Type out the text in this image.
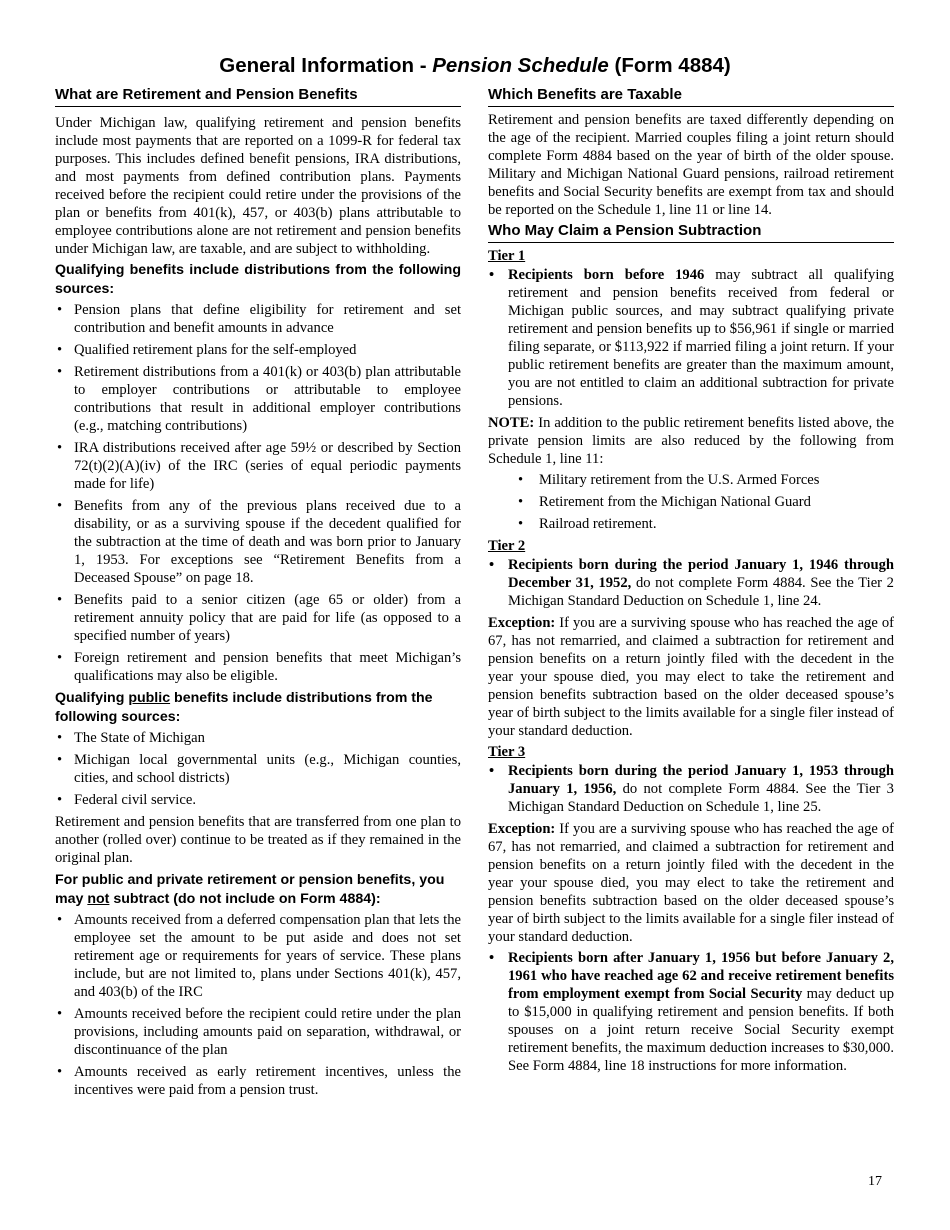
General Information - Pension Schedule (Form 4884)
What are Retirement and Pension Benefits

Under Michigan law, qualifying retirement and pension benefits include most payments that are reported on a 1099-R for federal tax purposes. This includes defined benefit pensions, IRA distributions, and most payments from defined contribution plans. Payments received before the recipient could retire under the provisions of the plan or benefits from 401(k), 457, or 403(b) plans attributable to employee contributions alone are not retirement and pension benefits under Michigan law, are taxable, and are subject to withholding.

Qualifying benefits include distributions from the following sources:
• Pension plans that define eligibility for retirement and set contribution and benefit amounts in advance
• Qualified retirement plans for the self-employed
• Retirement distributions from a 401(k) or 403(b) plan attributable to employer contributions or attributable to employee contributions that result in additional employer contributions (e.g., matching contributions)
• IRA distributions received after age 59½ or described by Section 72(t)(2)(A)(iv) of the IRC (series of equal periodic payments made for life)
• Benefits from any of the previous plans received due to a disability, or as a surviving spouse if the decedent qualified for the subtraction at the time of death and was born prior to January 1, 1953. For exceptions see “Retirement Benefits from a Deceased Spouse” on page 18.
• Benefits paid to a senior citizen (age 65 or older) from a retirement annuity policy that are paid for life (as opposed to a specified number of years)
• Foreign retirement and pension benefits that meet Michigan’s qualifications may also be eligible.
Qualifying public benefits include distributions from the following sources:
• The State of Michigan
• Michigan local governmental units (e.g., Michigan counties, cities, and school districts)
• Federal civil service.

Retirement and pension benefits that are transferred from one plan to another (rolled over) continue to be treated as if they remained in the original plan.

For public and private retirement or pension benefits, you may not subtract (do not include on Form 4884):
• Amounts received from a deferred compensation plan that lets the employee set the amount to be put aside and does not set retirement age or requirements for years of service. These plans include, but are not limited to, plans under Sections 401(k), 457, and 403(b) of the IRC
• Amounts received before the recipient could retire under the plan provisions, including amounts paid on separation, withdrawal, or discontinuance of the plan
• Amounts received as early retirement incentives, unless the incentives were paid from a pension trust.
Which Benefits are Taxable

Retirement and pension benefits are taxed differently depending on the age of the recipient. Married couples filing a joint return should complete Form 4884 based on the year of birth of the older spouse. Military and Michigan National Guard pensions, railroad retirement benefits and Social Security benefits are exempt from tax and should be reported on the Schedule 1, line 11 or line 14.

Who May Claim a Pension Subtraction
Tier 1
• Recipients born before 1946 may subtract all qualifying retirement and pension benefits received from federal or Michigan public sources, and may subtract qualifying private retirement and pension benefits up to $56,961 if single or married filing separate, or $113,922 if married filing a joint return. If your public retirement benefits are greater than the maximum amount, you are not entitled to claim an additional subtraction for private pensions.

NOTE: In addition to the public retirement benefits listed above, the private pension limits are also reduced by the following from Schedule 1, line 11:

• Military retirement from the U.S. Armed Forces
• Retirement from the Michigan National Guard
• Railroad retirement.
Tier 2
• Recipients born during the period January 1, 1946 through December 31, 1952, do not complete Form 4884. See the Tier 2 Michigan Standard Deduction on Schedule 1, line 24.

Exception: If you are a surviving spouse who has reached the age of 67, has not remarried, and claimed a subtraction for retirement and pension benefits on a return jointly filed with the decedent in the year your spouse died, you may elect to take the retirement and pension benefits subtraction based on the older deceased spouse’s year of birth subject to the limits available for a single filer instead of your standard deduction.

Tier 3
• Recipients born during the period January 1, 1953 through January 1, 1956, do not complete Form 4884. See the Tier 3 Michigan Standard Deduction on Schedule 1, line 25.

Exception: If you are a surviving spouse who has reached the age of 67, has not remarried, and claimed a subtraction for retirement and pension benefits on a return jointly filed with the decedent in the year your spouse died, you may elect to take the retirement and pension benefits subtraction based on the older deceased spouse’s year of birth subject to the limits available for a single filer instead of your standard deduction.

• Recipients born after January 1, 1956 but before January 2, 1961 who have reached age 62 and receive retirement benefits from employment exempt from Social Security may deduct up to $15,000 in qualifying retirement and pension benefits. If both spouses on a joint return receive Social Security exempt retirement benefits, the maximum deduction increases to $30,000. See Form 4884, line 18 instructions for more information.
17
